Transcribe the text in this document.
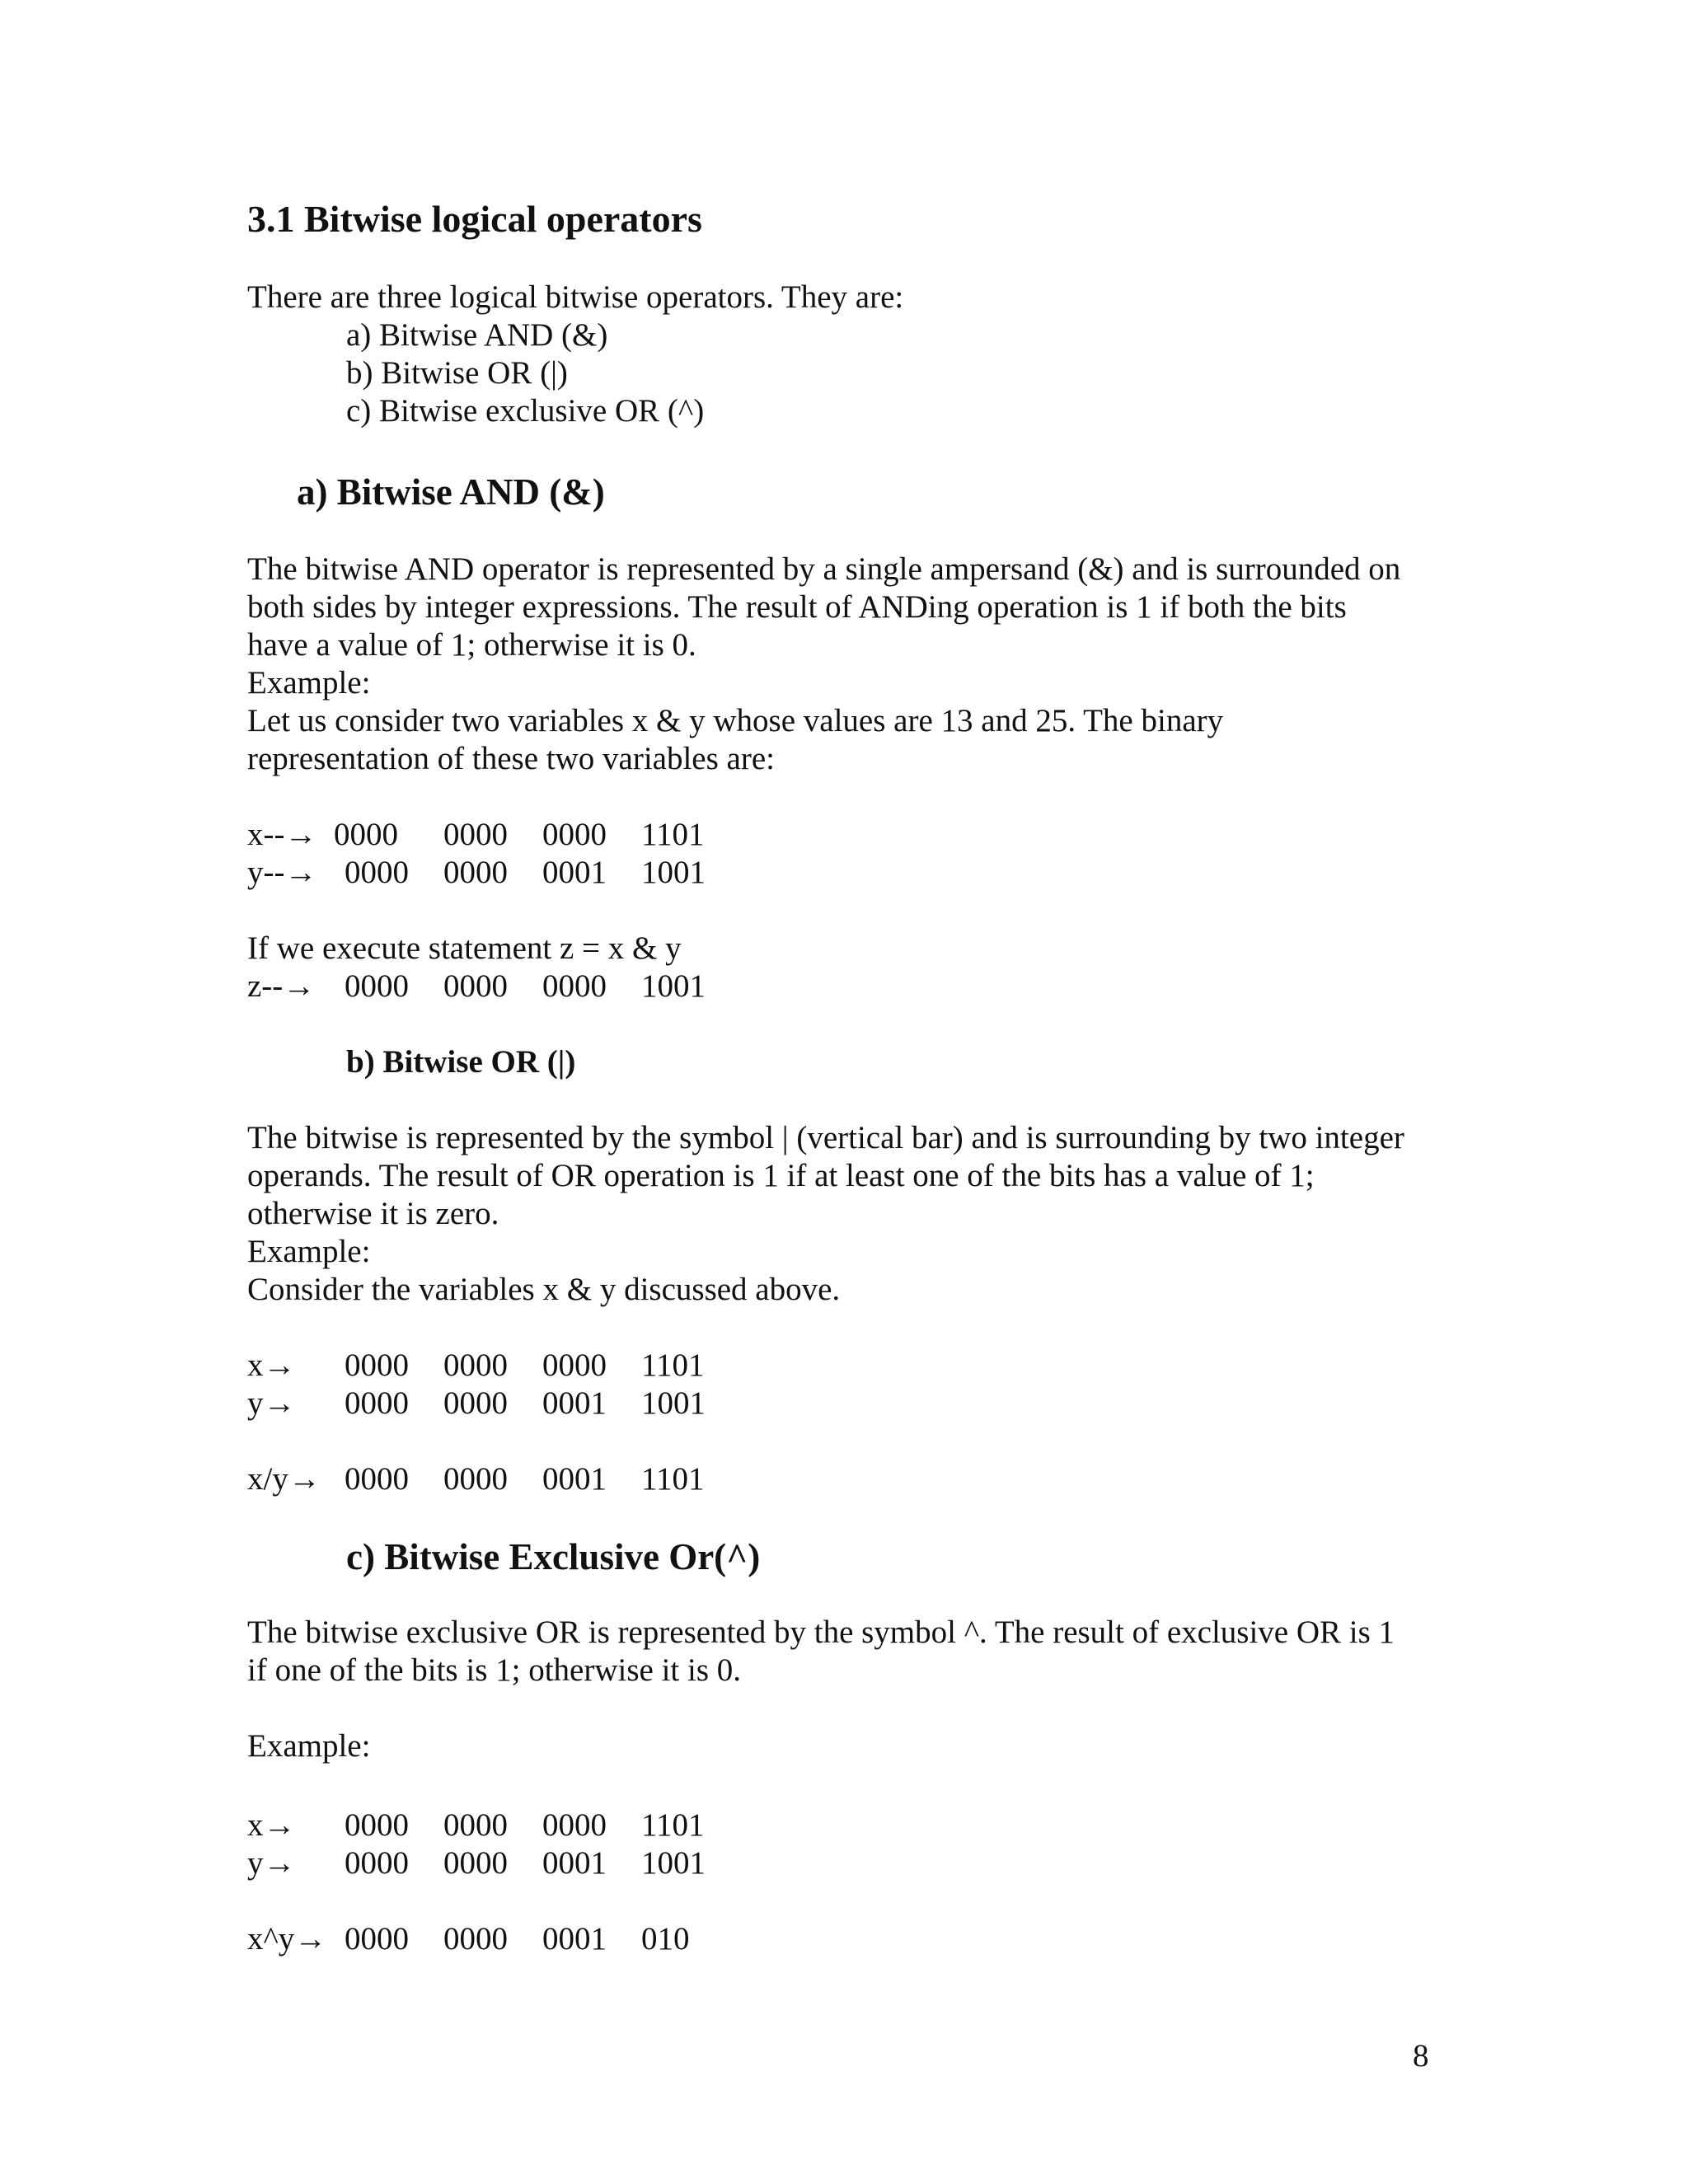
3.1 Bitwise logical operators
There are three logical bitwise operators. They are:
a) Bitwise AND (&)
b) Bitwise OR (|)
c) Bitwise exclusive OR (^)
a) Bitwise AND (&)
The bitwise AND operator is represented by a single ampersand (&) and is surrounded on
both sides by integer expressions. The result of ANDing operation is 1 if both the bits
have a value of 1; otherwise it is 0.
Example:
Let us consider two variables x & y whose values are 13 and 25. The binary
representation of these two variables are:
x--→ 0000 0000 0000 1101
y--→ 0000 0000 0001 1001
If we execute statement z = x & y
z--→ 0000 0000 0000 1001
b) Bitwise OR (|)
The bitwise is represented by the symbol | (vertical bar) and is surrounding by two integer
operands. The result of OR operation is 1 if at least one of the bits has a value of 1;
otherwise it is zero.
Example:
Consider the variables x & y discussed above.
x→ 0000 0000 0000 1101
y→ 0000 0000 0001 1001
x/y→ 0000 0000 0001 1101
c) Bitwise Exclusive Or(^)
The bitwise exclusive OR is represented by the symbol ^. The result of exclusive OR is 1
if one of the bits is 1; otherwise it is 0.
Example:
x→ 0000 0000 0000 1101
y→ 0000 0000 0001 1001
x^y→ 0000 0000 0001 010
8
